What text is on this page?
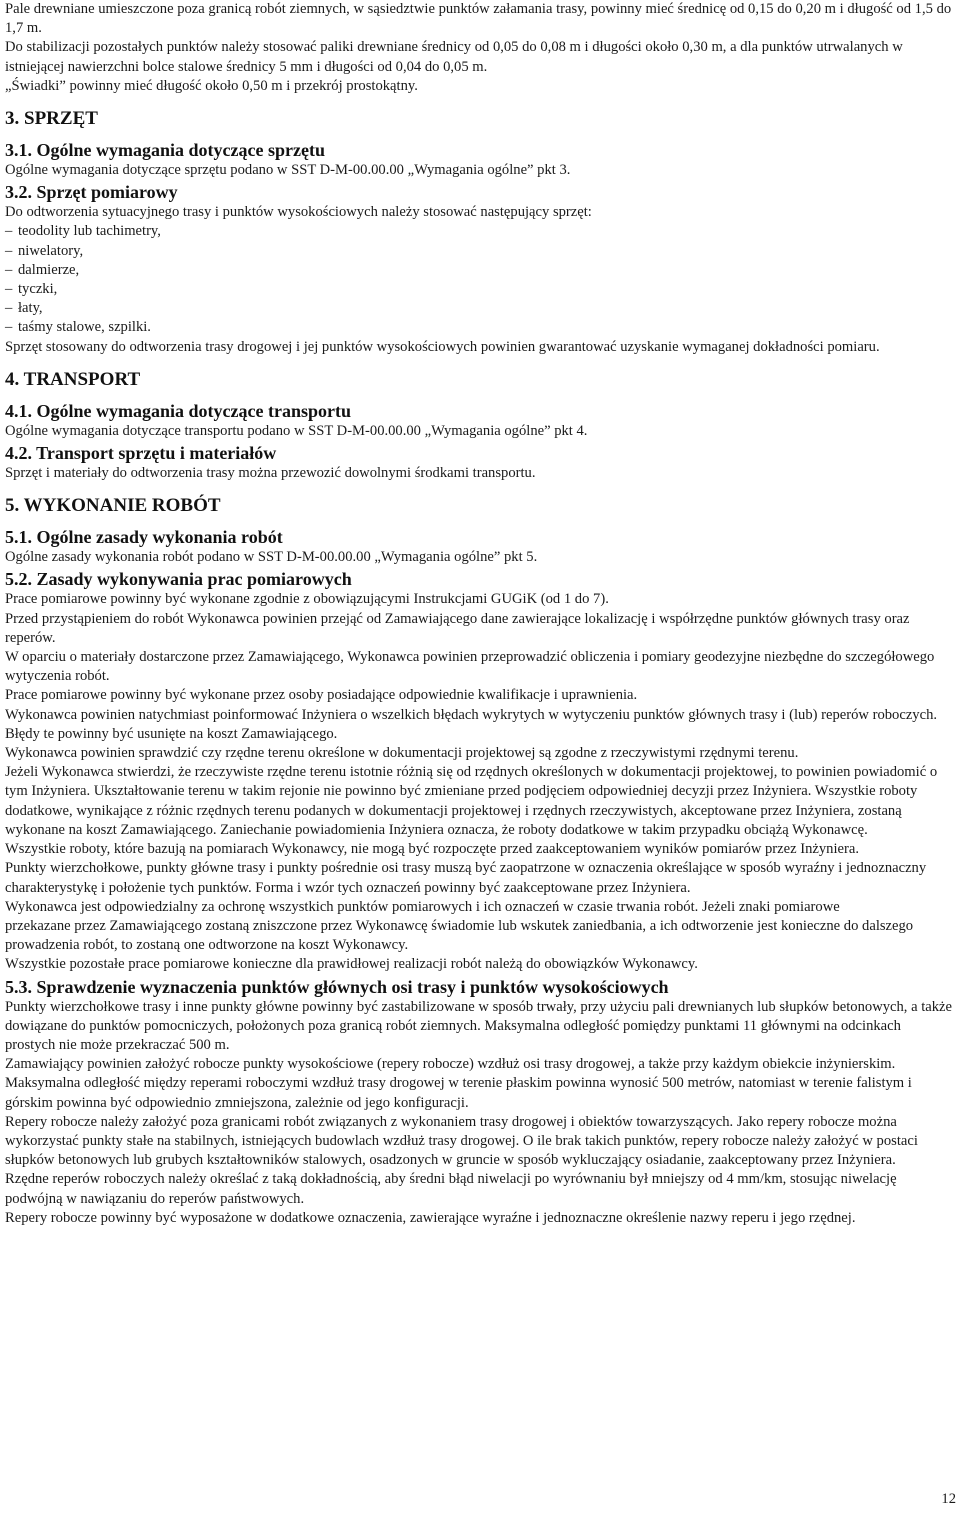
Pale drewniane umieszczone poza granicą robót ziemnych, w sąsiedztwie punktów załamania trasy, powinny mieć średnicę od 0,15 do 0,20 m i długość od 1,5 do 1,7 m.

Do stabilizacji pozostałych punktów należy stosować paliki drewniane średnicy od 0,05 do 0,08 m i długości około 0,30 m, a dla punktów utrwalanych w istniejącej nawierzchni bolce stalowe średnicy 5 mm i długości od 0,04 do 0,05 m.

„Świadki” powinny mieć długość około 0,50 m i przekrój prostokątny.

3. SPRZĘT
3.1. Ogólne wymagania dotyczące sprzętu

Ogólne wymagania dotyczące sprzętu podano w SST D-M-00.00.00 „Wymagania ogólne” pkt 3.

3.2. Sprzęt pomiarowy

Do odtworzenia sytuacyjnego trasy i punktów wysokościowych należy stosować następujący sprzęt:

– teodolity lub tachimetry,
– niwelatory,
– dalmierze,
– tyczki,
– łaty,
– taśmy stalowe, szpilki.

Sprzęt stosowany do odtworzenia trasy drogowej i jej punktów wysokościowych powinien gwarantować uzyskanie wymaganej dokładności pomiaru.

4. TRANSPORT
4.1. Ogólne wymagania dotyczące transportu

Ogólne wymagania dotyczące transportu podano w SST D-M-00.00.00 „Wymagania ogólne” pkt 4.

4.2. Transport sprzętu i materiałów

Sprzęt i materiały do odtworzenia trasy można przewozić dowolnymi środkami transportu.

5. WYKONANIE ROBÓT
5.1. Ogólne zasady wykonania robót

Ogólne zasady wykonania robót podano w SST D-M-00.00.00 „Wymagania ogólne” pkt 5.

5.2. Zasady wykonywania prac pomiarowych

Prace pomiarowe powinny być wykonane zgodnie z obowiązującymi Instrukcjami GUGiK (od 1 do 7).

Przed przystąpieniem do robót Wykonawca powinien przejąć od Zamawiającego dane zawierające lokalizację i współrzędne punktów głównych trasy oraz reperów.

W oparciu o materiały dostarczone przez Zamawiającego, Wykonawca powinien przeprowadzić obliczenia i pomiary geodezyjne niezbędne do szczegółowego wytyczenia robót.

Prace pomiarowe powinny być wykonane przez osoby posiadające odpowiednie kwalifikacje i uprawnienia.

Wykonawca powinien natychmiast poinformować Inżyniera o wszelkich błędach wykrytych w wytyczeniu punktów głównych trasy i (lub) reperów roboczych. Błędy te powinny być usunięte na koszt Zamawiającego.

Wykonawca powinien sprawdzić czy rzędne terenu określone w dokumentacji projektowej są zgodne z rzeczywistymi rzędnymi terenu.

Jeżeli Wykonawca stwierdzi, że rzeczywiste rzędne terenu istotnie różnią się od rzędnych określonych w dokumentacji projektowej, to powinien powiadomić o tym Inżyniera. Ukształtowanie terenu w takim rejonie nie powinno być zmieniane przed podjęciem odpowiedniej decyzji przez Inżyniera. Wszystkie roboty dodatkowe, wynikające z różnic rzędnych terenu podanych w dokumentacji projektowej i rzędnych rzeczywistych, akceptowane przez Inżyniera, zostaną

wykonane na koszt Zamawiającego. Zaniechanie powiadomienia Inżyniera oznacza, że roboty dodatkowe w takim przypadku obciążą Wykonawcę.

Wszystkie roboty, które bazują na pomiarach Wykonawcy, nie mogą być rozpoczęte przed zaakceptowaniem wyników pomiarów przez Inżyniera.

Punkty wierzchołkowe, punkty główne trasy i punkty pośrednie osi trasy muszą być zaopatrzone w oznaczenia określające w sposób wyraźny i jednoznaczny charakterystykę i położenie tych punktów. Forma i wzór tych oznaczeń powinny być zaakceptowane przez Inżyniera.

Wykonawca jest odpowiedzialny za ochronę wszystkich punktów pomiarowych i ich oznaczeń w czasie trwania robót. Jeżeli znaki pomiarowe

przekazane przez Zamawiającego zostaną zniszczone przez Wykonawcę świadomie lub wskutek zaniedbania, a ich odtworzenie jest konieczne do dalszego prowadzenia robót, to zostaną one odtworzone na koszt Wykonawcy.

Wszystkie pozostałe prace pomiarowe konieczne dla prawidłowej realizacji robót należą do obowiązków Wykonawcy.

5.3. Sprawdzenie wyznaczenia punktów głównych osi trasy i punktów wysokościowych

Punkty wierzchołkowe trasy i inne punkty główne powinny być zastabilizowane w sposób trwały, przy użyciu pali drewnianych lub słupków betonowych, a także dowiązane do punktów pomocniczych, położonych poza granicą robót ziemnych. Maksymalna odległość pomiędzy punktami 11 głównymi na odcinkach prostych nie może przekraczać 500 m.

Zamawiający powinien założyć robocze punkty wysokościowe (repery robocze) wzdłuż osi trasy drogowej, a także przy każdym obiekcie inżynierskim. Maksymalna odległość między reperami roboczymi wzdłuż trasy drogowej w terenie płaskim powinna wynosić 500 metrów, natomiast w terenie falistym i górskim powinna być odpowiednio zmniejszona, zależnie od jego konfiguracji.

Repery robocze należy założyć poza granicami robót związanych z wykonaniem trasy drogowej i obiektów towarzyszących. Jako repery robocze można wykorzystać punkty stałe na stabilnych, istniejących budowlach wzdłuż trasy drogowej. O ile brak takich punktów, repery robocze należy założyć w postaci słupków betonowych lub grubych kształtowników stalowych, osadzonych w gruncie w sposób wykluczający osiadanie, zaakceptowany przez Inżyniera.

Rzędne reperów roboczych należy określać z taką dokładnością, aby średni błąd niwelacji po wyrównaniu był mniejszy od 4 mm/km, stosując niwelację podwójną w nawiązaniu do reperów państwowych.

Repery robocze powinny być wyposażone w dodatkowe oznaczenia, zawierające wyraźne i jednoznaczne określenie nazwy reperu i jego rzędnej.

12
